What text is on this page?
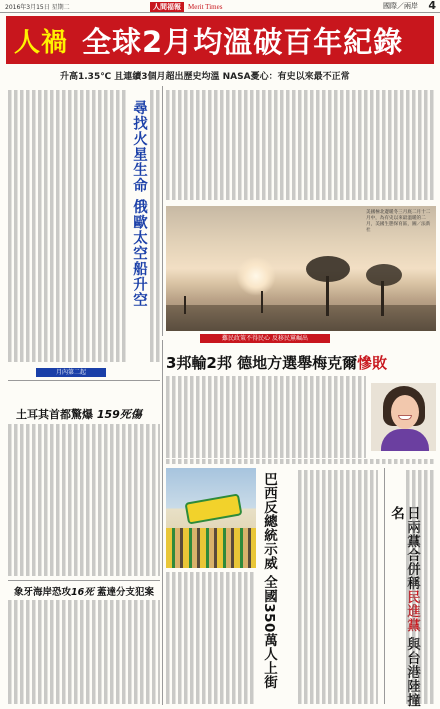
2016年3月15日 星期二	人間福報	Merit Times	國際／兩岸 4
人禍 全球2月均溫破百年紀錄
升高1.35℃ 且連續3個月超出歷史均溫 NASA憂心：有史以來最不正常
尋找火星生命 俄歐太空船升空	美國極北邊暖冬三月底二月十二月中，為有史以來最溫暖的二月，美國生態保育區，圖／法新社
難民政策不得民心 反移民黨崛出
3邦輸2邦 德地方選舉梅克爾慘敗
月內第二起
土耳其首都驚爆 159死傷
象牙海岸恐攻16死 蓋達分支犯案	巴西反總統示威 全國350萬人上街	日兩黨合併稱民進黨 與台港陸撞名
